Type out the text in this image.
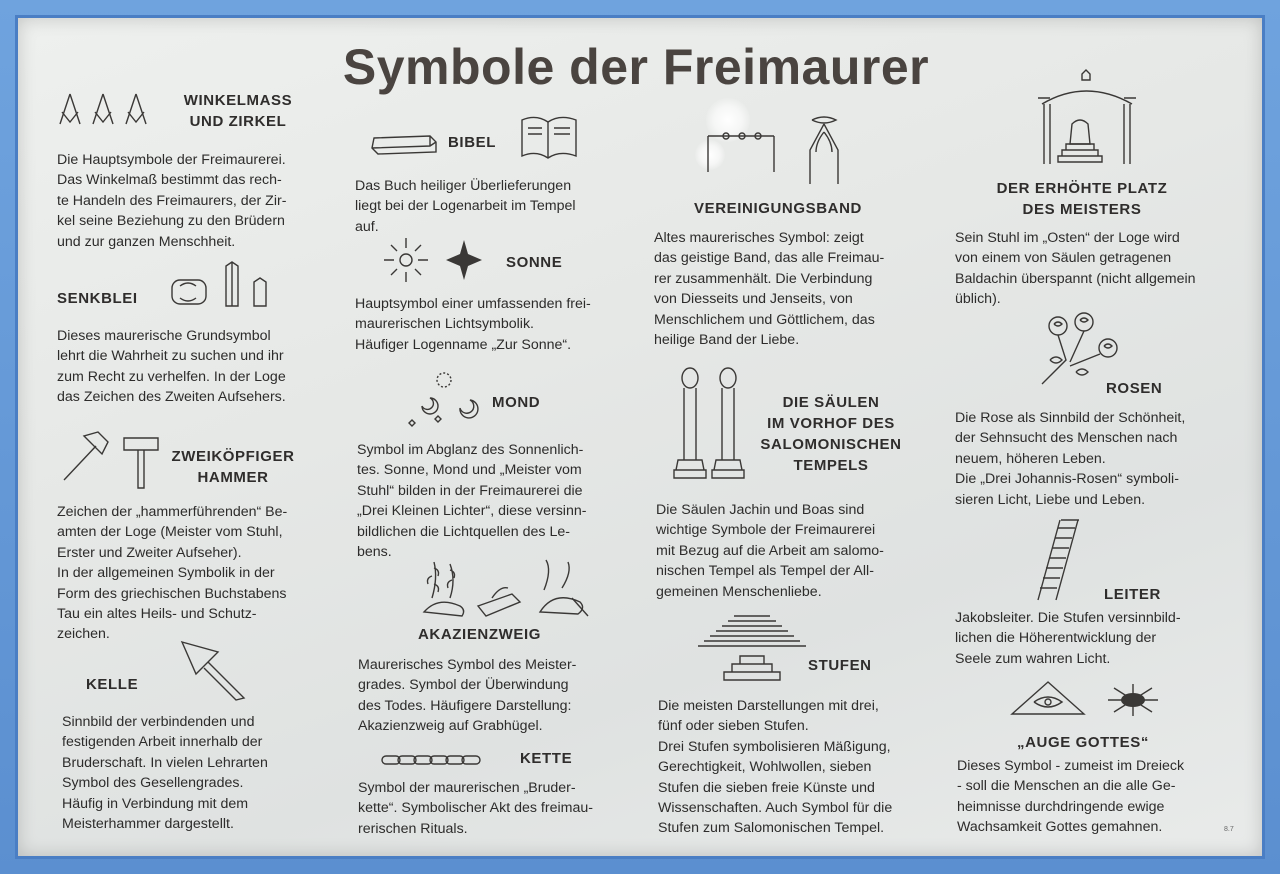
Symbole der Freimaurer
WINKELMASS
UND ZIRKEL
Die Hauptsymbole der Freimaurerei.
Das Winkelmaß bestimmt das rech-
te Handeln des Freimaurers, der Zir-
kel seine Beziehung zu den Brüdern
und zur ganzen Menschheit.
SENKBLEI
Dieses maurerische Grundsymbol
lehrt die Wahrheit zu suchen und ihr
zum Recht zu verhelfen. In der Loge
das Zeichen des Zweiten Aufsehers.
ZWEIKÖPFIGER
HAMMER
Zeichen der „hammerführenden“ Be-
amten der Loge (Meister vom Stuhl,
Erster und Zweiter Aufseher).
In der allgemeinen Symbolik in der
Form des griechischen Buchstabens
Tau ein altes Heils- und Schutz-
zeichen.
KELLE
Sinnbild der verbindenden und
festigenden Arbeit innerhalb der
Bruderschaft. In vielen Lehrarten
Symbol des Gesellengrades.
Häufig in Verbindung mit dem
Meisterhammer dargestellt.
BIBEL
Das Buch heiliger Überlieferungen
liegt bei der Logenarbeit im Tempel
auf.
SONNE
Hauptsymbol einer umfassenden frei-
maurerischen Lichtsymbolik.
Häufiger Logenname „Zur Sonne“.
MOND
Symbol im Abglanz des Sonnenlich-
tes. Sonne, Mond und „Meister vom
Stuhl“ bilden in der Freimaurerei die
„Drei Kleinen Lichter“, diese versinn-
bildlichen die Lichtquellen des Le-
bens.
AKAZIENZWEIG
Maurerisches Symbol des Meister-
grades. Symbol der Überwindung
des Todes. Häufigere Darstellung:
Akazienzweig auf Grabhügel.
KETTE
Symbol der maurerischen „Bruder-
kette“. Symbolischer Akt des freimau-
rerischen Rituals.
VEREINIGUNGSBAND
Altes maurerisches Symbol: zeigt
das geistige Band, das alle Freimau-
rer zusammenhält. Die Verbindung
von Diesseits und Jenseits, von
Menschlichem und Göttlichem, das
heilige Band der Liebe.
DIE SÄULEN
IM VORHOF DES
SALOMONISCHEN
TEMPELS
Die Säulen Jachin und Boas sind
wichtige Symbole der Freimaurerei
mit Bezug auf die Arbeit am salomo-
nischen Tempel als Tempel der All-
gemeinen Menschenliebe.
STUFEN
Die meisten Darstellungen mit drei,
fünf oder sieben Stufen.
Drei Stufen symbolisieren Mäßigung,
Gerechtigkeit, Wohlwollen, sieben
Stufen die sieben freie Künste und
Wissenschaften. Auch Symbol für die
Stufen zum Salomonischen Tempel.
DER ERHÖHTE PLATZ
DES MEISTERS
Sein Stuhl im „Osten“ der Loge wird
von einem von Säulen getragenen
Baldachin überspannt (nicht allgemein
üblich).
ROSEN
Die Rose als Sinnbild der Schönheit,
der Sehnsucht des Menschen nach
neuem, höheren Leben.
Die „Drei Johannis-Rosen“ symboli-
sieren Licht, Liebe und Leben.
LEITER
Jakobsleiter. Die Stufen versinnbild-
lichen die Höherentwicklung der
Seele zum wahren Licht.
„AUGE GOTTES“
Dieses Symbol - zumeist im Dreieck
- soll die Menschen an die alle Ge-
heimnisse durchdringende ewige
Wachsamkeit Gottes gemahnen.	8.7
